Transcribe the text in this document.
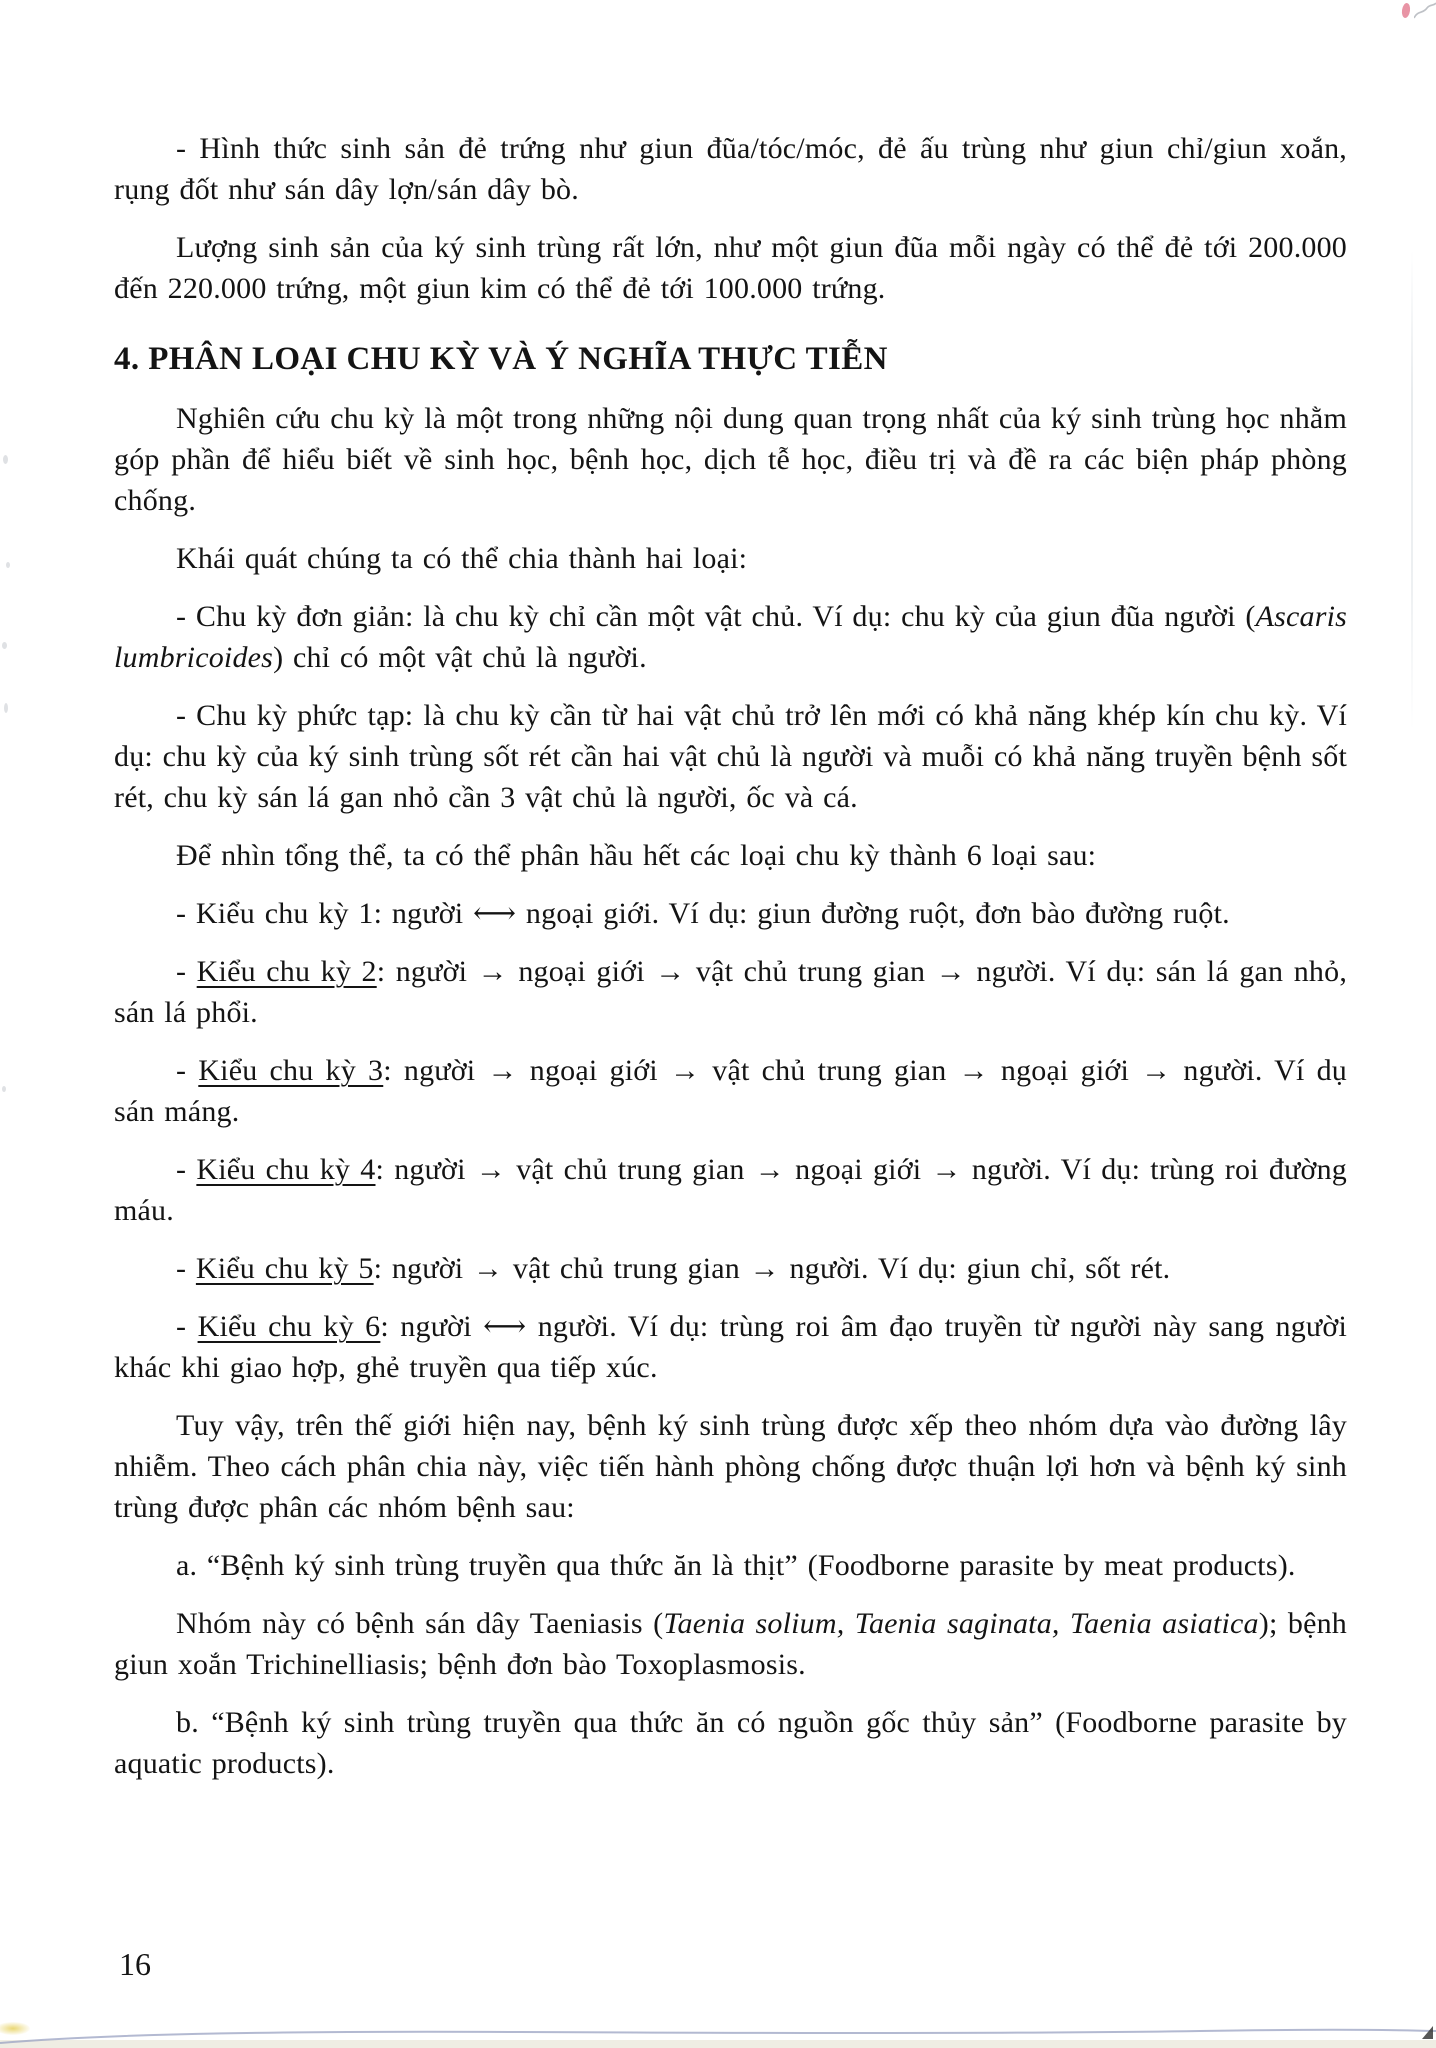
- Hình thức sinh sản đẻ trứng như giun đũa/tóc/móc, đẻ ấu trùng như giun chỉ/giun xoắn, rụng đốt như sán dây lợn/sán dây bò.

Lượng sinh sản của ký sinh trùng rất lớn, như một giun đũa mỗi ngày có thể đẻ tới 200.000 đến 220.000 trứng, một giun kim có thể đẻ tới 100.000 trứng.

4. PHÂN LOẠI CHU KỲ VÀ Ý NGHĨA THỰC TIỄN

Nghiên cứu chu kỳ là một trong những nội dung quan trọng nhất của ký sinh trùng học nhằm góp phần để hiểu biết về sinh học, bệnh học, dịch tễ học, điều trị và đề ra các biện pháp phòng chống.

Khái quát chúng ta có thể chia thành hai loại:

- Chu kỳ đơn giản: là chu kỳ chỉ cần một vật chủ. Ví dụ: chu kỳ của giun đũa người (Ascaris lumbricoides) chỉ có một vật chủ là người.

- Chu kỳ phức tạp: là chu kỳ cần từ hai vật chủ trở lên mới có khả năng khép kín chu kỳ. Ví dụ: chu kỳ của ký sinh trùng sốt rét cần hai vật chủ là người và muỗi có khả năng truyền bệnh sốt rét, chu kỳ sán lá gan nhỏ cần 3 vật chủ là người, ốc và cá.

Để nhìn tổng thể, ta có thể phân hầu hết các loại chu kỳ thành 6 loại sau:

- Kiểu chu kỳ 1: người ⟷ ngoại giới. Ví dụ: giun đường ruột, đơn bào đường ruột.

- Kiểu chu kỳ 2: người → ngoại giới → vật chủ trung gian → người. Ví dụ: sán lá gan nhỏ, sán lá phổi.

- Kiểu chu kỳ 3: người → ngoại giới → vật chủ trung gian → ngoại giới → người. Ví dụ sán máng.

- Kiểu chu kỳ 4: người → vật chủ trung gian → ngoại giới → người. Ví dụ: trùng roi đường máu.

- Kiểu chu kỳ 5: người → vật chủ trung gian → người. Ví dụ: giun chỉ, sốt rét.

- Kiểu chu kỳ 6: người ⟷ người. Ví dụ: trùng roi âm đạo truyền từ người này sang người khác khi giao hợp, ghẻ truyền qua tiếp xúc.

Tuy vậy, trên thế giới hiện nay, bệnh ký sinh trùng được xếp theo nhóm dựa vào đường lây nhiễm. Theo cách phân chia này, việc tiến hành phòng chống được thuận lợi hơn và bệnh ký sinh trùng được phân các nhóm bệnh sau:

a. “Bệnh ký sinh trùng truyền qua thức ăn là thịt” (Foodborne parasite by meat products).

Nhóm này có bệnh sán dây Taeniasis (Taenia solium, Taenia saginata, Taenia asiatica); bệnh giun xoắn Trichinelliasis; bệnh đơn bào Toxoplasmosis.

b. “Bệnh ký sinh trùng truyền qua thức ăn có nguồn gốc thủy sản” (Foodborne parasite by aquatic products).

16
